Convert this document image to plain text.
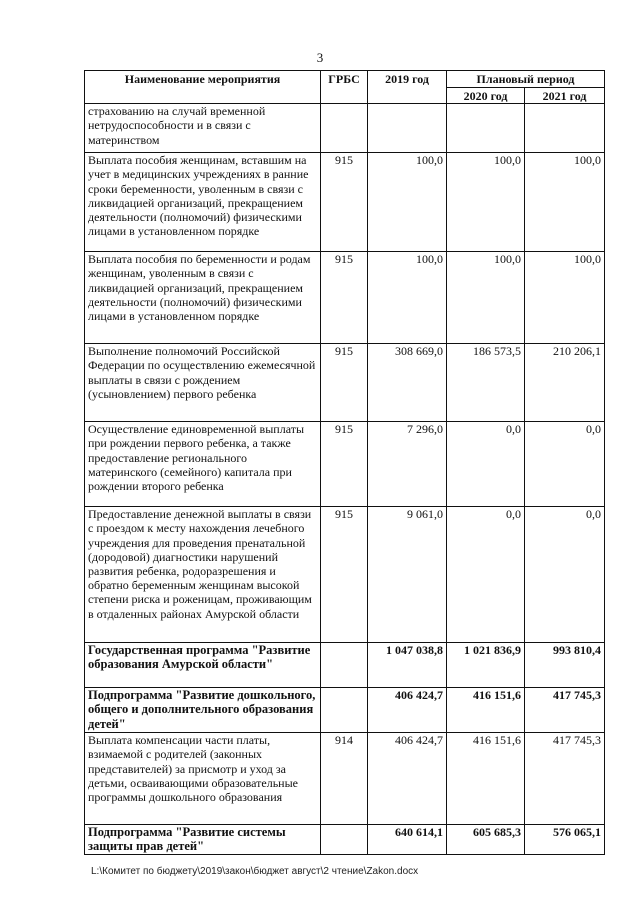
3
Наименование мероприятия	ГРБС	2019 год	Плановый период	
			2020 год	2021 год
страхованию на случай временной нетрудоспособности и в связи с материнством				
Выплата пособия женщинам, вставшим на учет в медицинских учреждениях в ранние сроки беременности, уволенным в связи с ликвидацией организаций, прекращением деятельности (полномочий) физическими лицами в установленном порядке	915	100,0	100,0	100,0
Выплата пособия по беременности и родам женщинам, уволенным в связи с ликвидацией организаций, прекращением деятельности (полномочий) физическими лицами в установленном порядке	915	100,0	100,0	100,0
Выполнение полномочий Российской Федерации по осуществлению ежемесячной выплаты в связи с рождением (усыновлением) первого ребенка	915	308 669,0	186 573,5	210 206,1
Осуществление единовременной выплаты при рождении первого ребенка, а также предоставление регионального материнского (семейного) капитала при рождении второго ребенка	915	7 296,0	0,0	0,0
Предоставление денежной выплаты в связи с проездом к месту нахождения лечебного учреждения для проведения пренатальной (дородовой) диагностики нарушений развития ребенка, родоразрешения и обратно беременным женщинам высокой степени риска и роженицам, проживающим в отдаленных районах Амурской области	915	9 061,0	0,0	0,0
Государственная программа "Развитие образования Амурской области"		1 047 038,8	1 021 836,9	993 810,4
Подпрограмма "Развитие дошкольного, общего и дополнительного образования детей"		406 424,7	416 151,6	417 745,3
Выплата компенсации части платы, взимаемой с родителей (законных представителей) за присмотр и уход за детьми, осваивающими образовательные программы дошкольного образования	914	406 424,7	416 151,6	417 745,3
Подпрограмма "Развитие системы защиты прав детей"		640 614,1	605 685,3	576 065,1
L:\Комитет по бюджету\2019\закон\бюджет август\2 чтение\Zakon.docx
